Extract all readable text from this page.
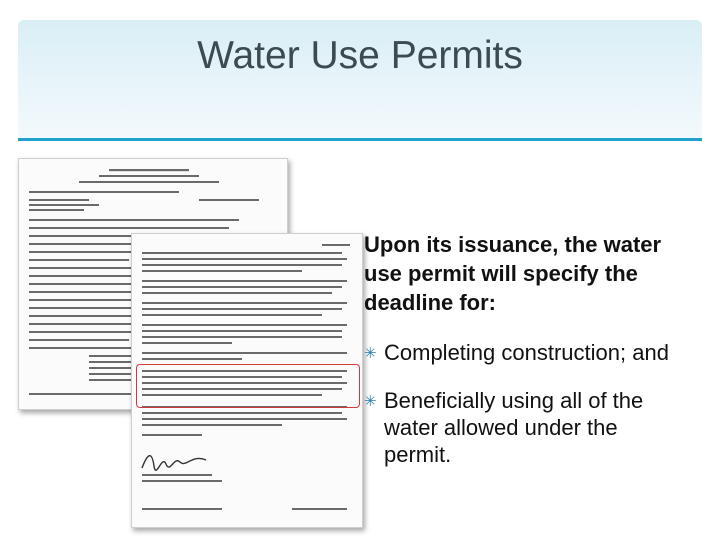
Water Use Permits

Upon its issuance, the water use permit will specify the deadline for:

✳ Completing construction; and
✳ Beneficially using all of the water allowed under the permit.
